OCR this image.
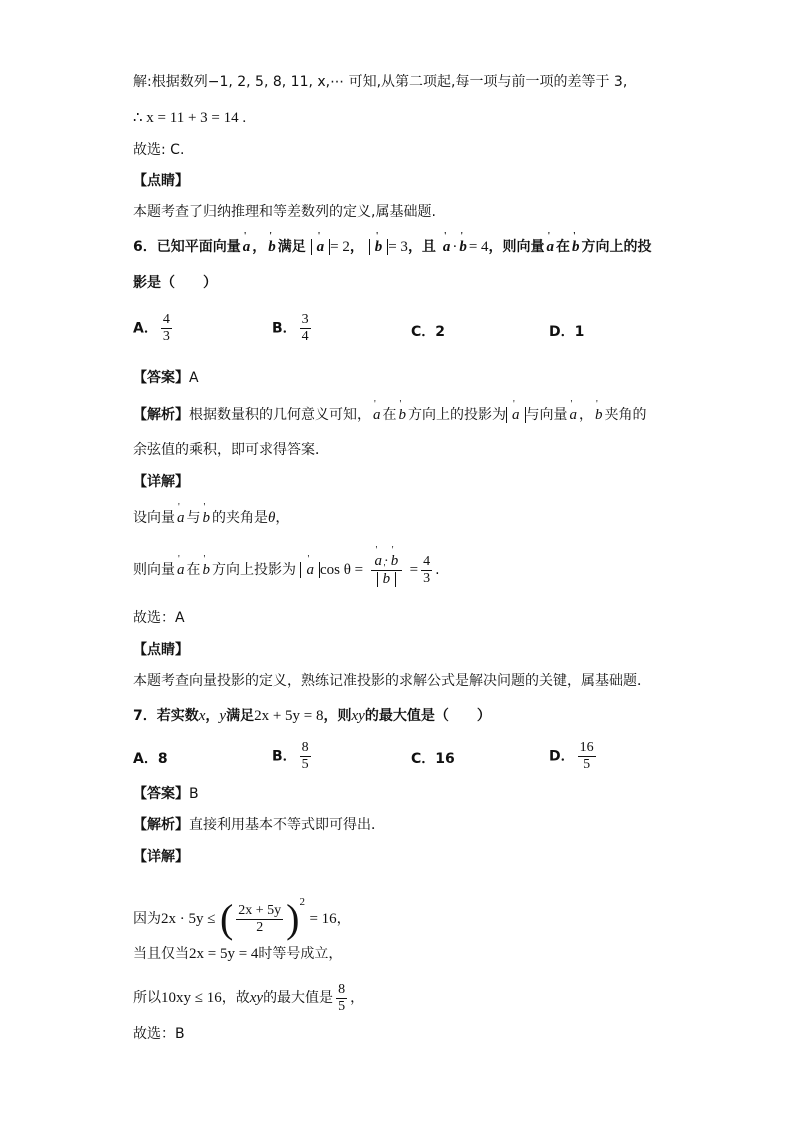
解:根据数列−1, 2, 5, 8, 11, x,⋯ 可知,从第二项起,每一项与前一项的差等于 3,
∴ x = 11 + 3 = 14 .
故选: C.
【点睛】
本题考查了归纳推理和等差数列的定义,属基础题.
6．已知平面向量 ' a ， ' b 满足 ' a = 2， ' b = 3，且 ' a · ' b = 4，则向量 ' a 在 ' b 方向上的投
影是（　　）
A． $\frac{4}{3}$	B． $\frac{3}{4}$	C．2	D．1
【答案】A
【解析】根据数量积的几何意义可知， ' a 在 ' b 方向上的投影为 ' a 与向量 ' a ， ' b 夹角的
余弦值的乘积，即可求得答案．
【详解】
设向量 ' a 与 ' b 的夹角是θ，
则向量 ' a 在 ' b 方向上投影为 ' a cos θ = ' a · ' b
' $b = \frac{4}{3}$ .
故选：A
【点睛】
本题考查向量投影的定义，熟练记准投影的求解公式是解决问题的关键，属基础题．
7．若实数x，y满足2x + 5y = 8，则xy的最大值是（　　）
A．8	B． $\frac{8}{5}$	C．16	D． $\frac{16}{5}$
【答案】B
【解析】直接利用基本不等式即可得出．
【详解】
因为2x · 5y ≤ ( $\frac{2x + 5y}{2} )^2 = 16$，
当且仅当2x = 5y = 4时等号成立，
所以10xy ≤ 16，故xy的最大值是 $\frac{8}{5}$ ，
故选：B
